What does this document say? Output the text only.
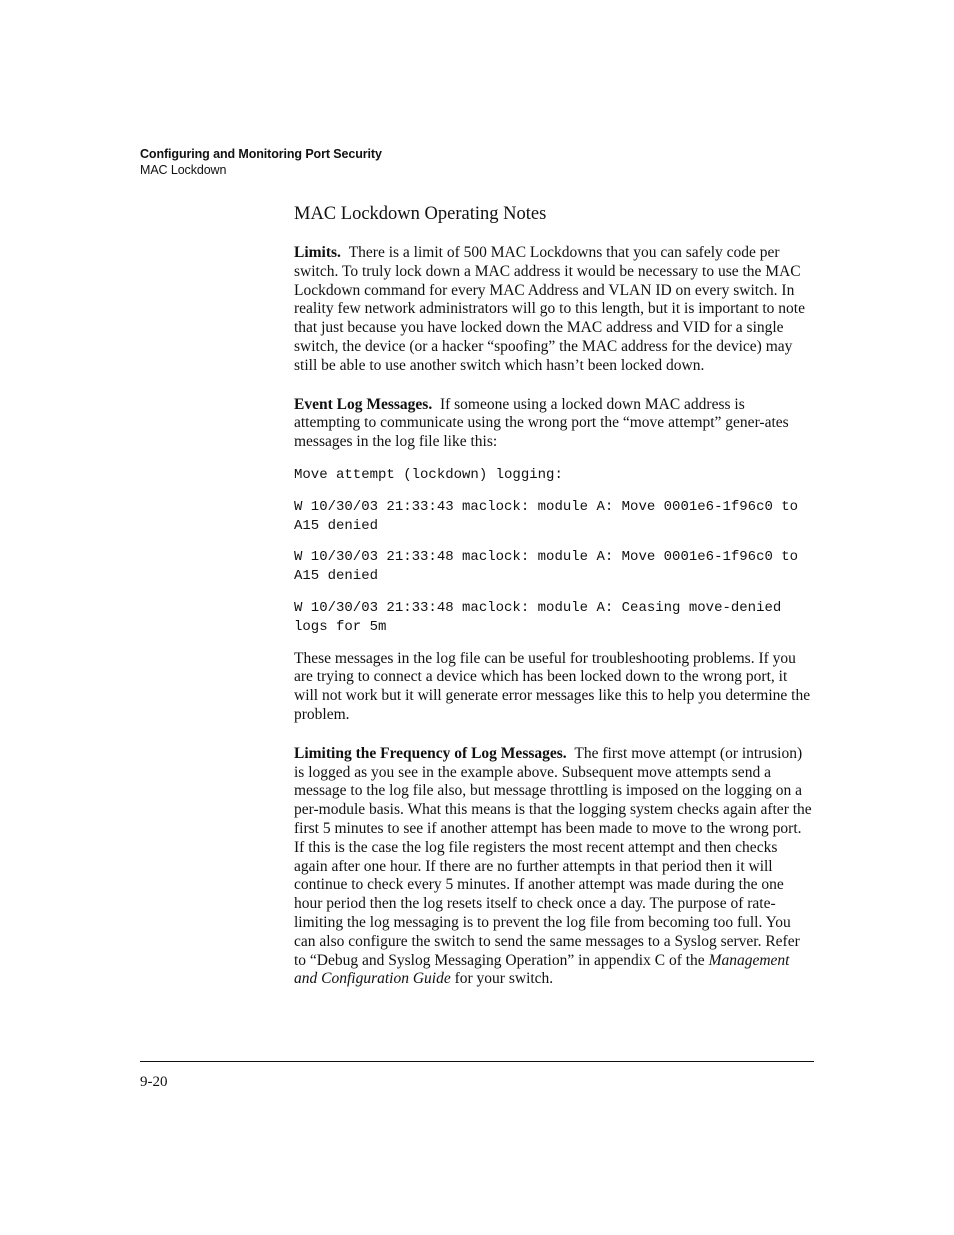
Configuring and Monitoring Port Security
MAC Lockdown
MAC Lockdown Operating Notes

Limits. There is a limit of 500 MAC Lockdowns that you can safely code per switch. To truly lock down a MAC address it would be necessary to use the MAC Lockdown command for every MAC Address and VLAN ID on every switch. In reality few network administrators will go to this length, but it is important to note that just because you have locked down the MAC address and VID for a single switch, the device (or a hacker “spoofing” the MAC address for the device) may still be able to use another switch which hasn’t been locked down.

Event Log Messages. If someone using a locked down MAC address is attempting to communicate using the wrong port the “move attempt” gener-ates messages in the log file like this:

Move attempt (lockdown) logging:
W 10/30/03 21:33:43 maclock: module A: Move 0001e6-1f96c0 to A15 denied
W 10/30/03 21:33:48 maclock: module A: Move 0001e6-1f96c0 to A15 denied
W 10/30/03 21:33:48 maclock: module A: Ceasing move-denied logs for 5m

These messages in the log file can be useful for troubleshooting problems. If you are trying to connect a device which has been locked down to the wrong port, it will not work but it will generate error messages like this to help you determine the problem.

Limiting the Frequency of Log Messages. The first move attempt (or intrusion) is logged as you see in the example above. Subsequent move attempts send a message to the log file also, but message throttling is imposed on the logging on a per-module basis. What this means is that the logging system checks again after the first 5 minutes to see if another attempt has been made to move to the wrong port. If this is the case the log file registers the most recent attempt and then checks again after one hour. If there are no further attempts in that period then it will continue to check every 5 minutes. If another attempt was made during the one hour period then the log resets itself to check once a day. The purpose of rate-limiting the log messaging is to prevent the log file from becoming too full. You can also configure the switch to send the same messages to a Syslog server. Refer to “Debug and Syslog Messaging Operation” in appendix C of the Management and Configuration Guide for your switch.

9-20
